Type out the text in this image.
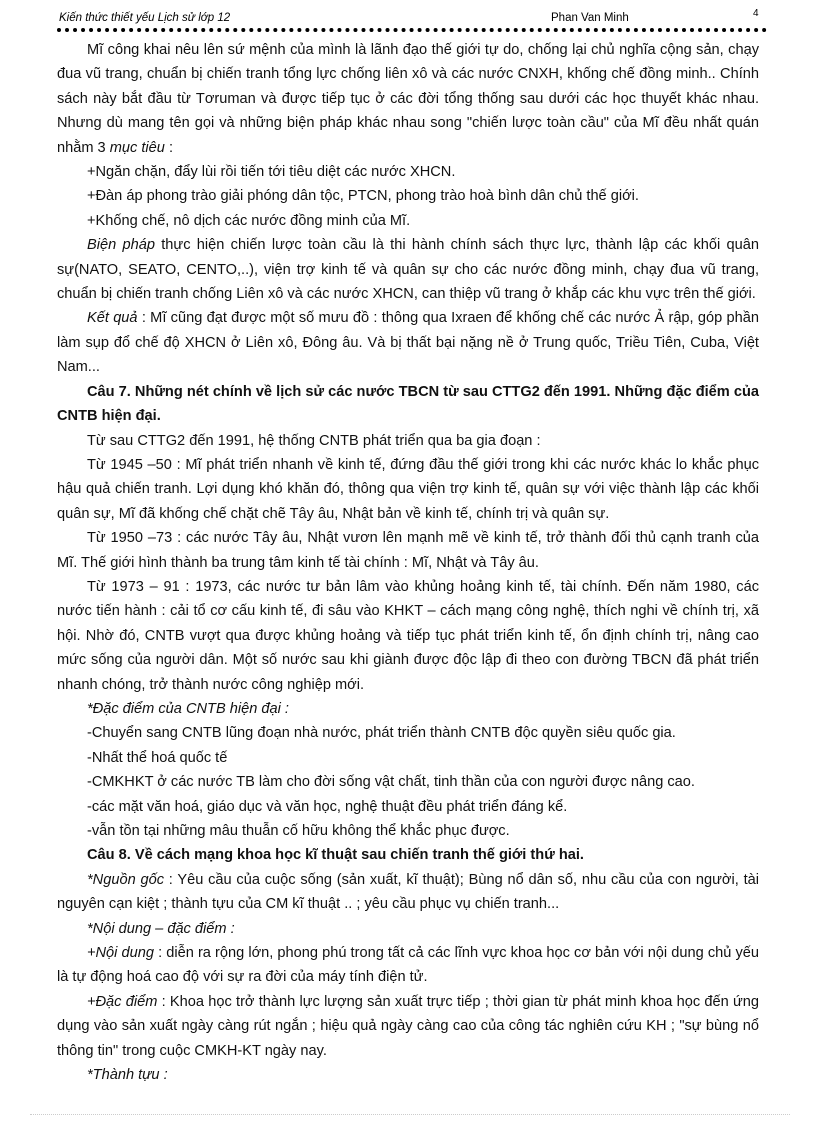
Kiến thức thiết yếu Lịch sử lớp 12	Phan Van Minh	4

Mĩ công khai nêu lên sứ mệnh của mình là lãnh đạo thế giới tự do, chống lại chủ nghĩa cộng sản, chạy đua vũ trang, chuẩn bị chiến tranh tổng lực chống liên xô và các nước CNXH, khống chế đồng minh.. Chính sách này bắt đầu từ Tơruman và được tiếp tục ở các đời tổng thống sau dưới các học thuyết khác nhau. Nhưng dù mang tên gọi và những biện pháp khác nhau song "chiến lược toàn cầu" của Mĩ đều nhất quán nhằm 3 mục tiêu :

+Ngăn chặn, đẩy lùi rồi tiến tới tiêu diệt các nước XHCN.

+Đàn áp phong trào giải phóng dân tộc, PTCN, phong trào hoà bình dân chủ thế giới.

+Khống chế, nô dịch các nước đồng minh của Mĩ.

Biện pháp thực hiện chiến lược toàn cầu là thi hành chính sách thực lực, thành lập các khối quân sự(NATO, SEATO, CENTO,..), viện trợ kinh tế và quân sự cho các nước đồng minh, chạy đua vũ trang, chuẩn bị chiến tranh chống Liên xô và các nước XHCN, can thiệp vũ trang ở khắp các khu vực trên thế giới.

Kết quả : Mĩ cũng đạt được một số mưu đồ : thông qua Ixraen để khống chế các nước Ả rập, góp phần làm sụp đổ chế độ XHCN ở Liên xô, Đông âu. Và bị thất bại nặng nề ở Trung quốc, Triều Tiên, Cuba, Việt Nam...

Câu 7. Những nét chính về lịch sử các nước TBCN từ sau CTTG2 đến 1991. Những đặc điểm của CNTB hiện đại.

Từ sau CTTG2 đến 1991, hệ thống CNTB phát triển qua ba gia đoạn :

Từ 1945 –50 : Mĩ phát triển nhanh về kinh tế, đứng đầu thế giới trong khi các nước khác lo khắc phục hậu quả chiến tranh. Lợi dụng khó khăn đó, thông qua viện trợ kinh tế, quân sự với việc thành lập các khối quân sự, Mĩ đã khống chế chặt chẽ Tây âu, Nhật bản về kinh tế, chính trị và quân sự.

Từ 1950 –73 : các nước Tây âu, Nhật vươn lên mạnh mẽ về kinh tế, trở thành đối thủ cạnh tranh của Mĩ. Thế giới hình thành ba trung tâm kinh tế tài chính : Mĩ, Nhật và Tây âu.

Từ 1973 – 91 : 1973, các nước tư bản lâm vào khủng hoảng kinh tế, tài chính. Đến năm 1980, các nước tiến hành : cải tổ cơ cấu kinh tế, đi sâu vào KHKT – cách mạng công nghệ, thích nghi về chính trị, xã hội. Nhờ đó, CNTB vượt qua được khủng hoảng và tiếp tục phát triển kinh tế, ổn định chính trị, nâng cao mức sống của người dân. Một số nước sau khi giành được độc lập đi theo con đường TBCN đã phát triển nhanh chóng, trở thành nước công nghiệp mới.

*Đặc điểm của CNTB hiện đại :

-Chuyển sang CNTB lũng đoạn nhà nước, phát triển thành CNTB độc quyền siêu quốc gia.

-Nhất thể hoá quốc tế

-CMKHKT ở các nước TB làm cho đời sống vật chất, tinh thần của con người được nâng cao.

-các mặt văn hoá, giáo dục và văn học, nghệ thuật đều phát triển đáng kể.

-vẫn tồn tại những mâu thuẫn cố hữu không thể khắc phục được.

Câu 8. Về cách mạng khoa học kĩ thuật sau chiến tranh thế giới thứ hai.

*Nguồn gốc : Yêu cầu của cuộc sống (sản xuất, kĩ thuật); Bùng nổ dân số, nhu cầu của con người, tài nguyên cạn kiệt ; thành tựu của CM kĩ thuật .. ; yêu cầu phục vụ chiến tranh...

*Nội dung – đặc điểm :

+Nội dung : diễn ra rộng lớn, phong phú trong tất cả các lĩnh vực khoa học cơ bản với nội dung chủ yếu là tự động hoá cao độ với sự ra đời của máy tính điện tử.

+Đặc điểm : Khoa học trở thành lực lượng sản xuất trực tiếp ; thời gian từ phát minh khoa học đến ứng dụng vào sản xuất ngày càng rút ngắn ; hiệu quả ngày càng cao của công tác nghiên cứu KH ; "sự bùng nổ thông tin" trong cuộc CMKH-KT ngày nay.

*Thành tựu :
